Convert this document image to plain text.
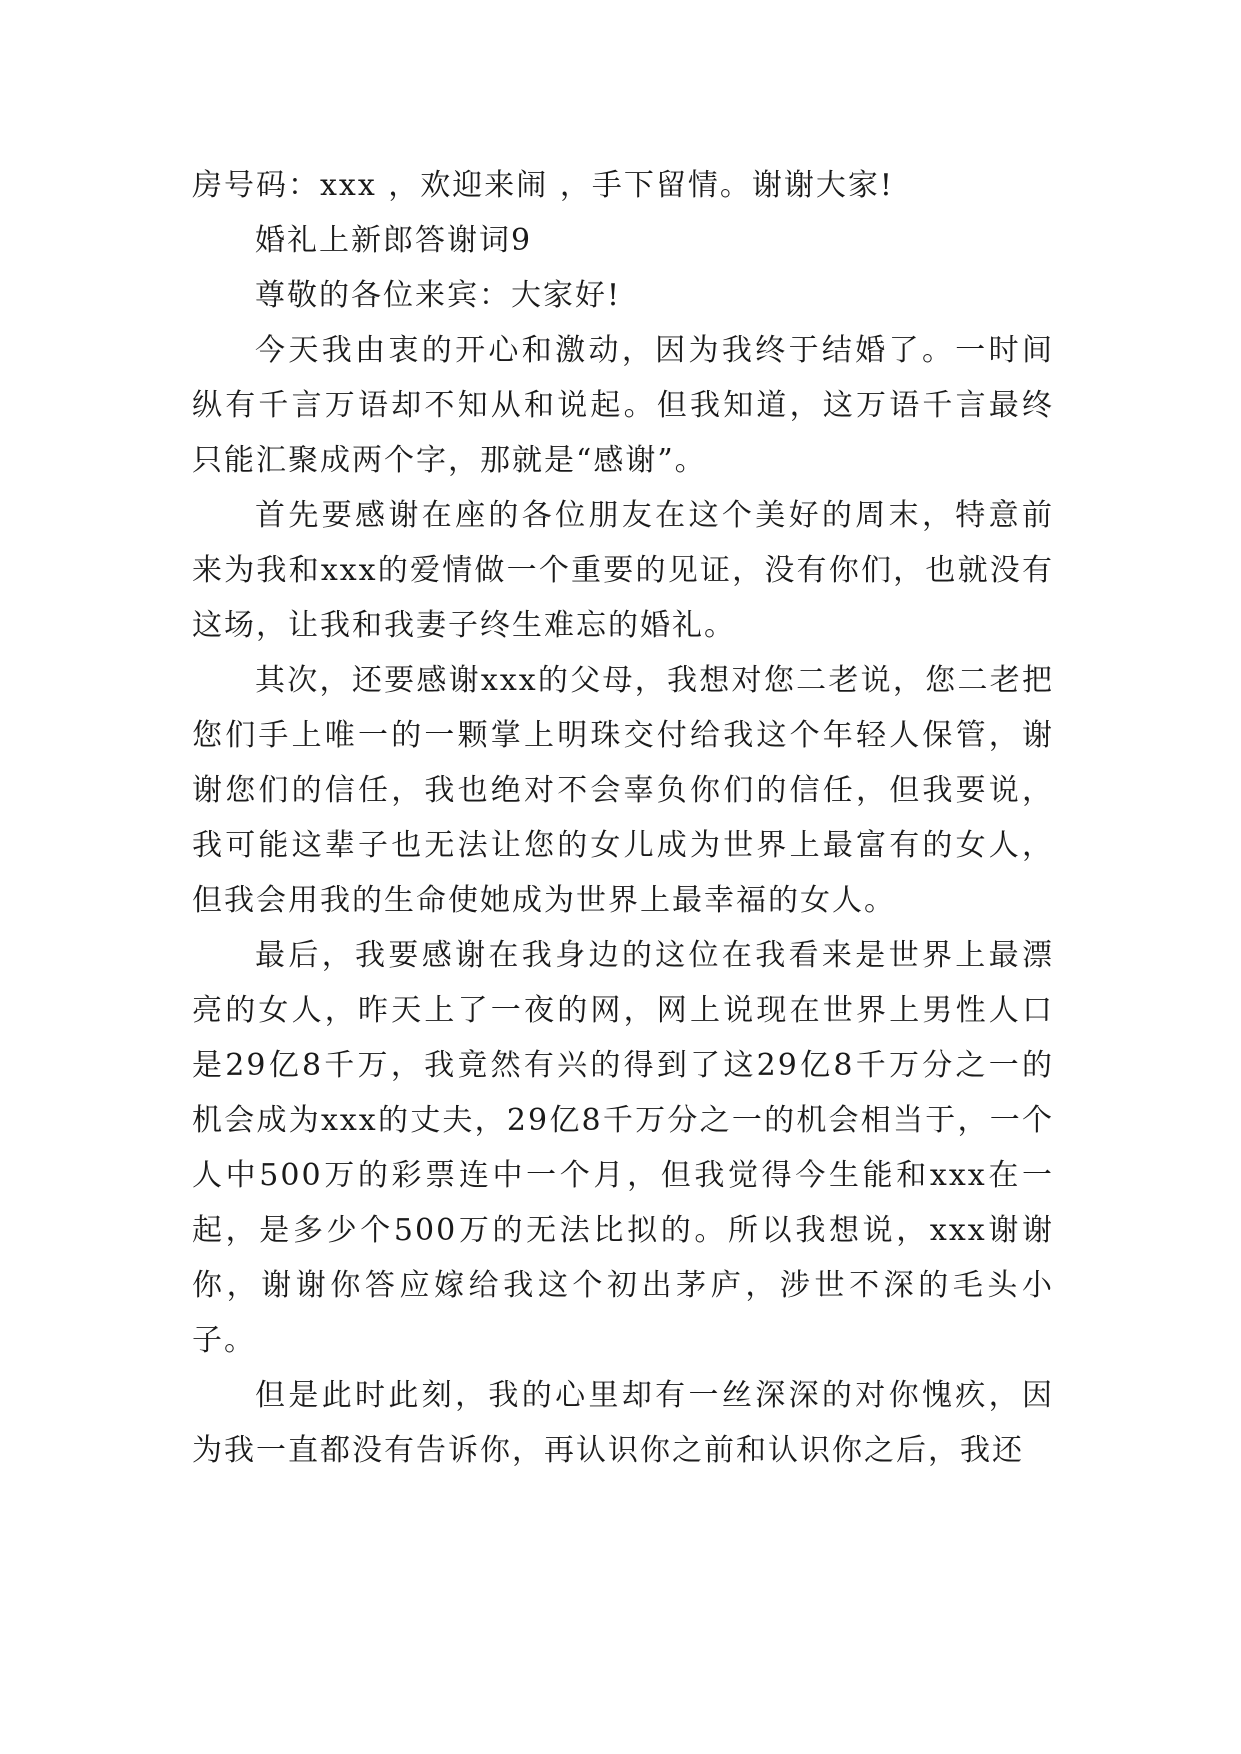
房号码：xxx ，欢迎来闹 ，手下留情。谢谢大家!

婚礼上新郎答谢词9

尊敬的各位来宾：大家好!

今天我由衷的开心和激动，因为我终于结婚了。一时间纵有千言万语却不知从和说起。但我知道，这万语千言最终只能汇聚成两个字，那就是“感谢”。

首先要感谢在座的各位朋友在这个美好的周末，特意前来为我和xxx的爱情做一个重要的见证，没有你们，也就没有这场，让我和我妻子终生难忘的婚礼。

其次，还要感谢xxx的父母，我想对您二老说，您二老把您们手上唯一的一颗掌上明珠交付给我这个年轻人保管，谢谢您们的信任，我也绝对不会辜负你们的信任，但我要说，我可能这辈子也无法让您的女儿成为世界上最富有的女人，但我会用我的生命使她成为世界上最幸福的女人。

最后，我要感谢在我身边的这位在我看来是世界上最漂亮的女人，昨天上了一夜的网，网上说现在世界上男性人口是29亿8千万，我竟然有兴的得到了这29亿8千万分之一的机会成为xxx的丈夫，29亿8千万分之一的机会相当于，一个人中500万的彩票连中一个月，但我觉得今生能和xxx在一起，是多少个500万的无法比拟的。所以我想说，xxx谢谢你，谢谢你答应嫁给我这个初出茅庐，涉世不深的毛头小子。

但是此时此刻，我的心里却有一丝深深的对你愧疚，因为我一直都没有告诉你，再认识你之前和认识你之后，我还
